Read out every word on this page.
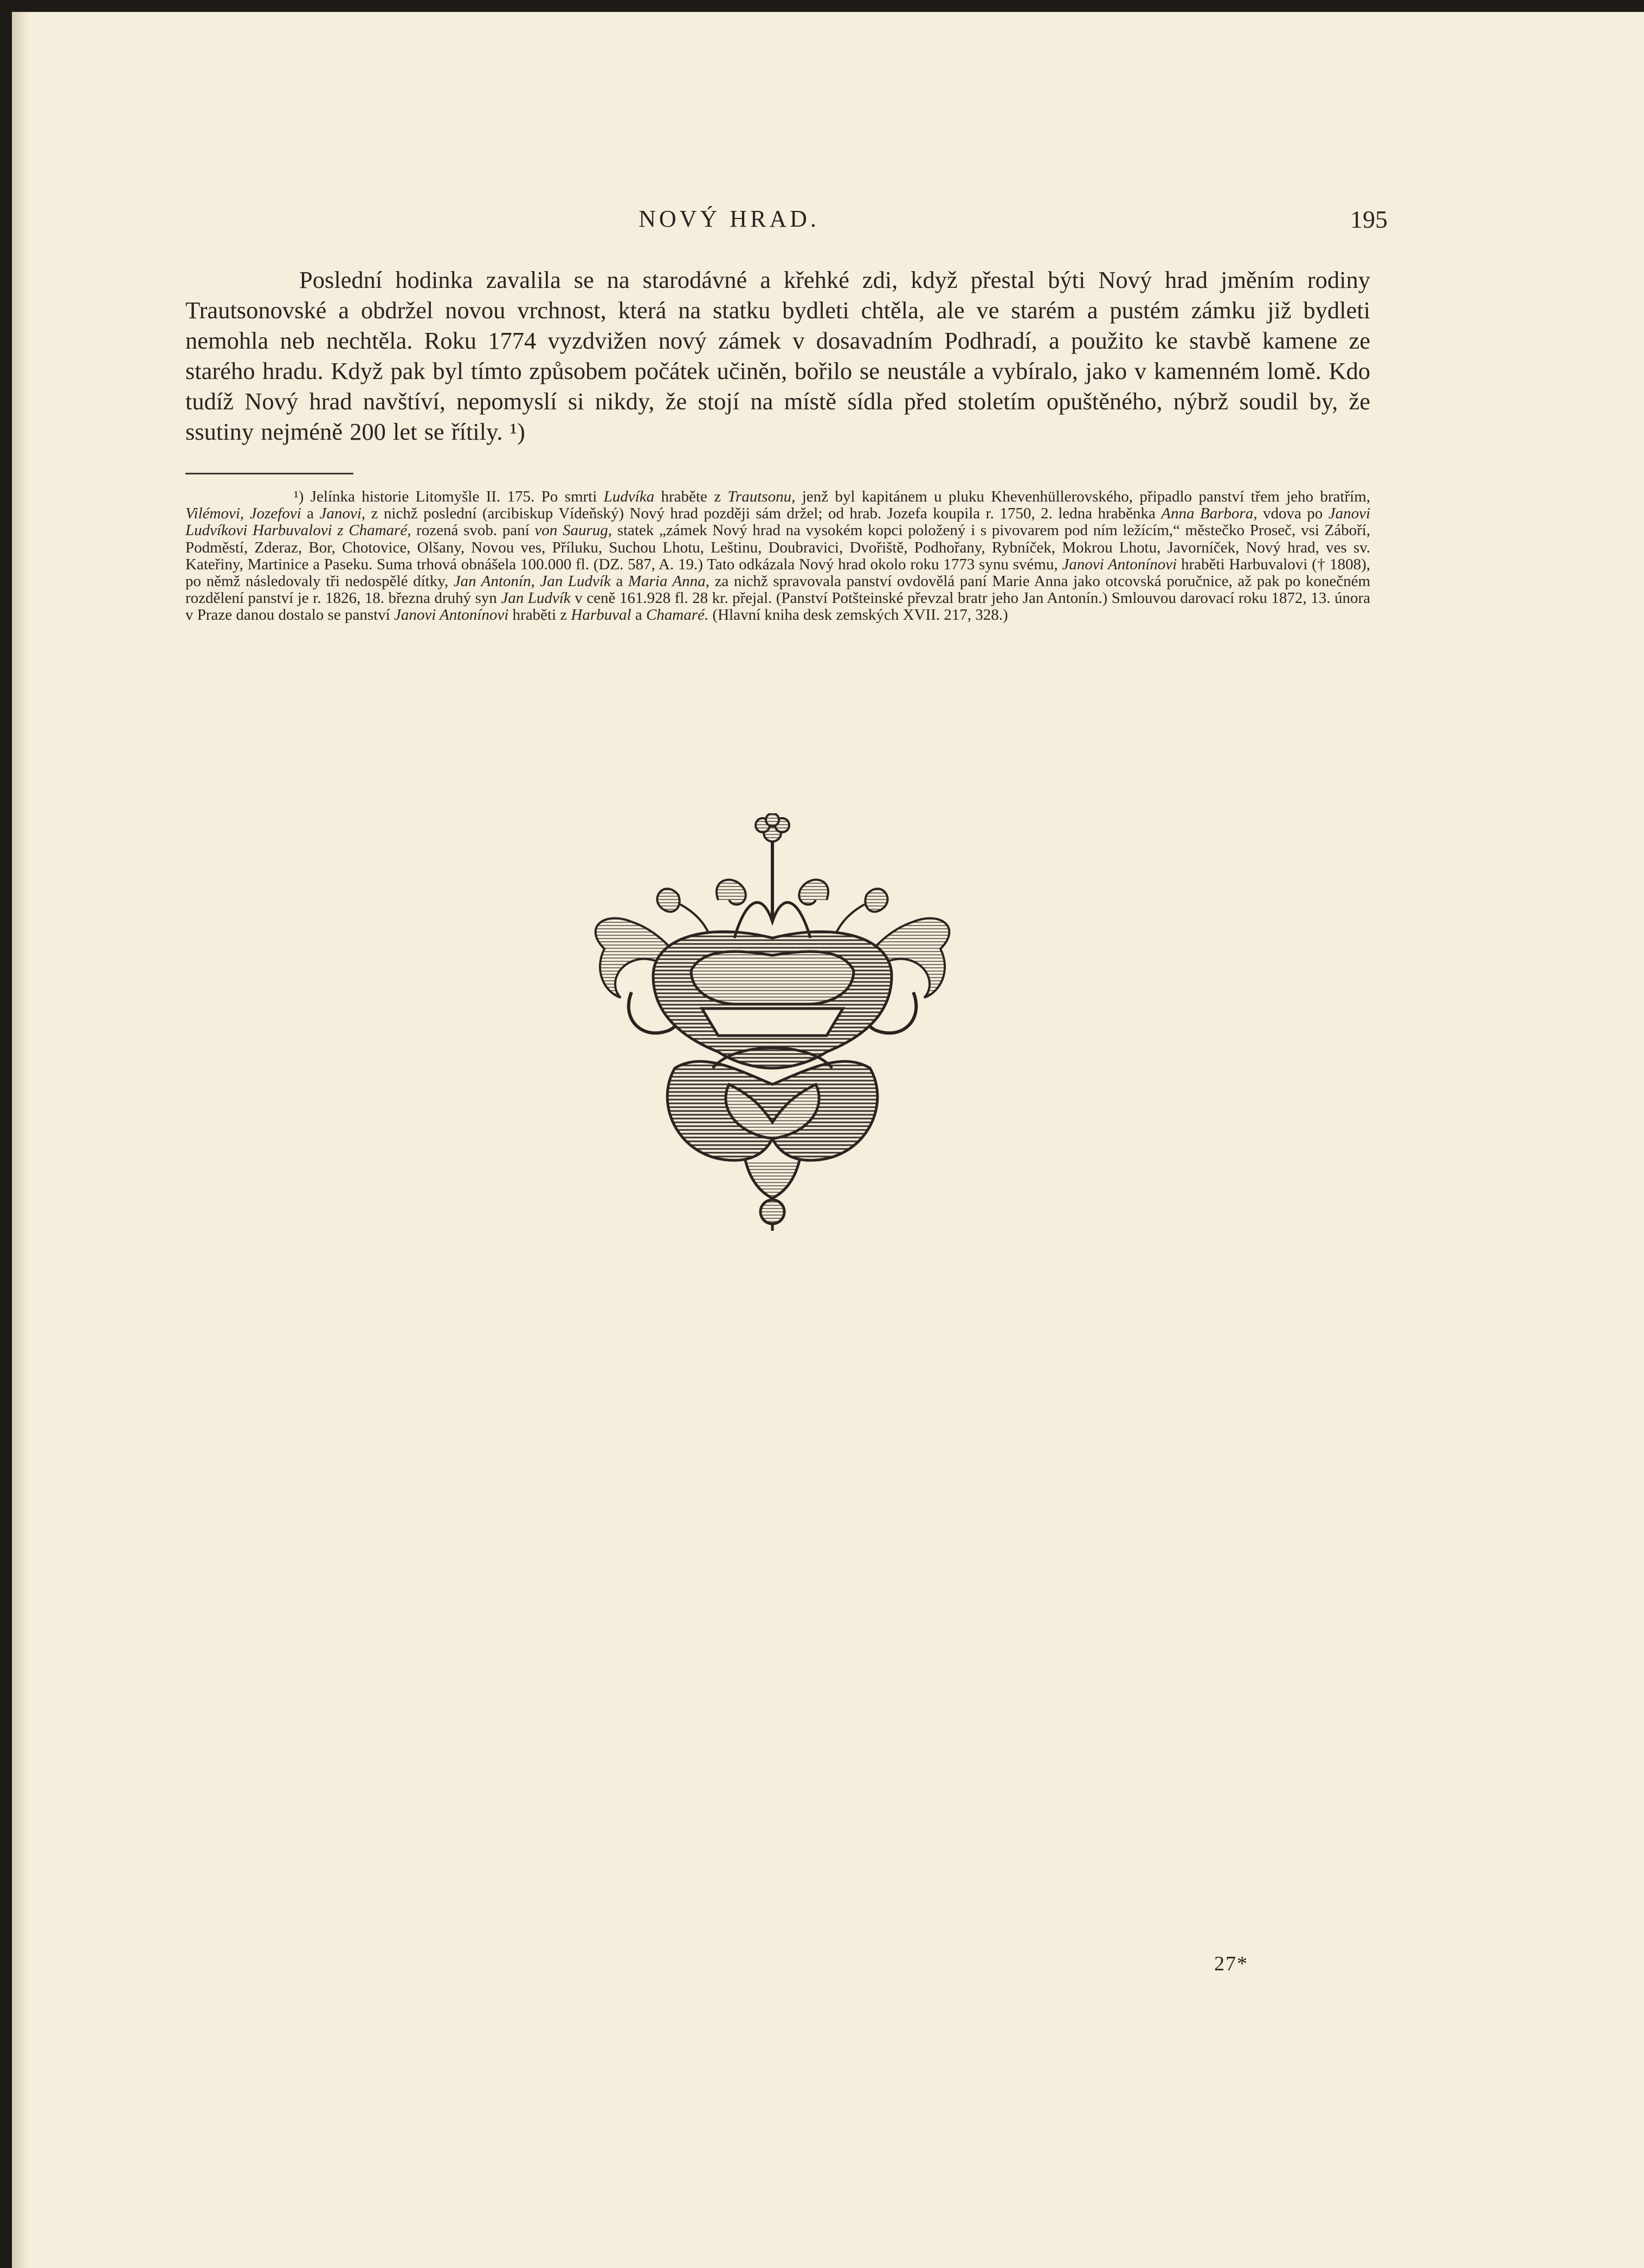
NOVÝ HRAD.	195

Poslední hodinka zavalila se na starodávné a křehké zdi, když přestal býti Nový hrad jměním rodiny Trautsonovské a obdržel novou vrchnost, která na statku bydleti chtěla, ale ve starém a pustém zámku již bydleti nemohla neb nechtěla. Roku 1774 vyzdvižen nový zámek v dosavadním Podhradí, a použito ke stavbě kamene ze starého hradu. Když pak byl tímto způsobem počátek učiněn, bořilo se neustále a vybíralo, jako v kamenném lomě. Kdo tudíž Nový hrad navštíví, nepomyslí si nikdy, že stojí na místě sídla před stoletím opuštěného, nýbrž soudil by, že ssutiny nejméně 200 let se řítily. ¹)

¹) Jelínka historie Litomyšle II. 175. Po smrti Ludvíka hraběte z Trautsonu, jenž byl kapitánem u pluku Khevenhüllerovského, připadlo panství třem jeho bratřím, Vilémovi, Jozefovi a Janovi, z nichž poslední (arcibiskup Vídeňský) Nový hrad později sám držel; od hrab. Jozefa koupila r. 1750, 2. ledna hraběnka Anna Barbora, vdova po Janovi Ludvíkovi Harbuvalovi z Chamaré, rozená svob. paní von Saurug, statek „zámek Nový hrad na vysokém kopci položený i s pivovarem pod ním ležícím,“ městečko Proseč, vsi Záboří, Podměstí, Zderaz, Bor, Chotovice, Olšany, Novou ves, Příluku, Suchou Lhotu, Leštinu, Doubravici, Dvořiště, Podhořany, Rybníček, Mokrou Lhotu, Javorníček, Nový hrad, ves sv. Kateřiny, Martinice a Paseku. Suma trhová obnášela 100.000 fl. (DZ. 587, A. 19.) Tato odkázala Nový hrad okolo roku 1773 synu svému, Janovi Antonínovi hraběti Harbuvalovi († 1808), po němž následovaly tři nedospělé dítky, Jan Antonín, Jan Ludvík a Maria Anna, za nichž spravovala panství ovdovělá paní Marie Anna jako otcovská poručnice, až pak po konečném rozdělení panství je r. 1826, 18. března druhý syn Jan Ludvík v ceně 161.928 fl. 28 kr. přejal. (Panství Potšteinské převzal bratr jeho Jan Antonín.) Smlouvou darovací roku 1872, 13. února v Praze danou dostalo se panství Janovi Antonínovi hraběti z Harbuval a Chamaré. (Hlavní kniha desk zemských XVII. 217, 328.)

27*
